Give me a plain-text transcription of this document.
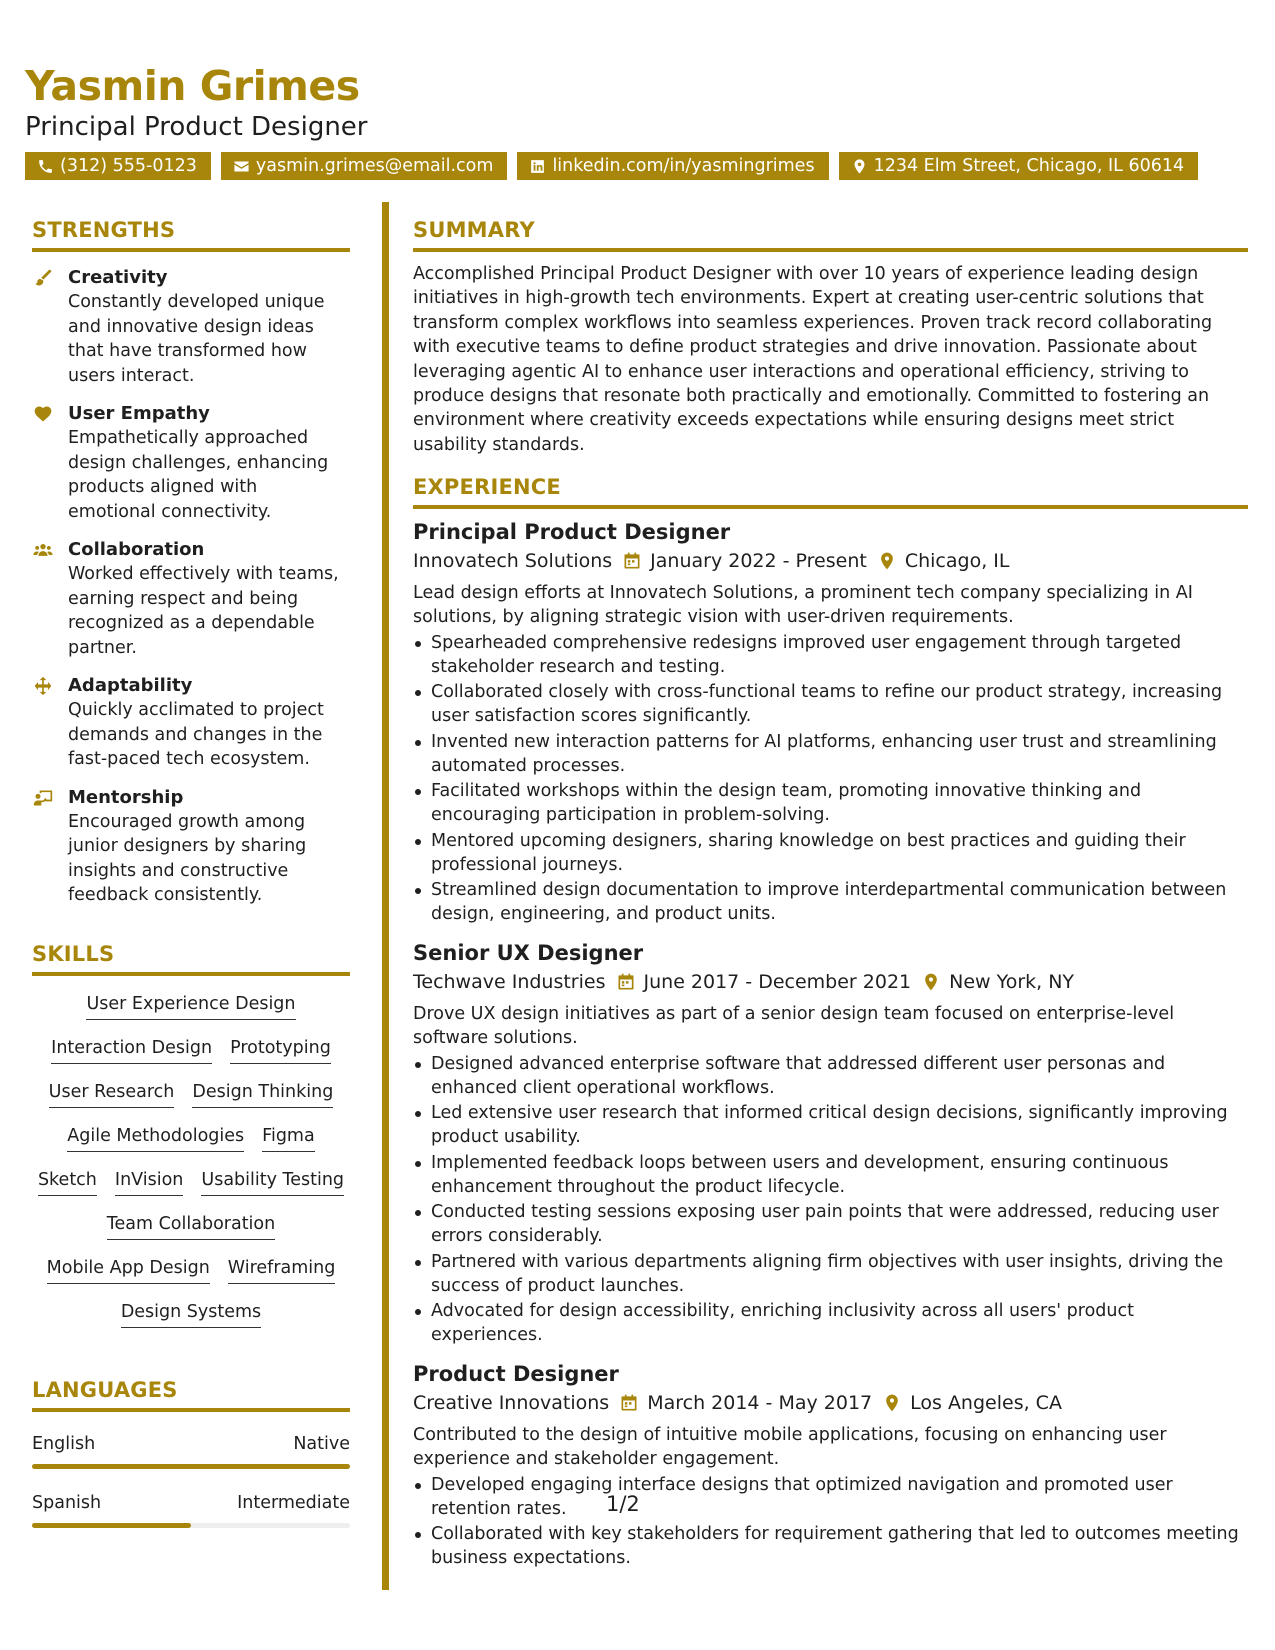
Yasmin Grimes
Principal Product Designer
(312) 555-0123	yasmin.grimes@email.com	linkedin.com/in/yasmingrimes	1234 Elm Street, Chicago, IL 60614
STRENGTHS
Creativity
Constantly developed unique and innovative design ideas that have transformed how users interact.
User Empathy
Empathetically approached design challenges, enhancing products aligned with emotional connectivity.
Collaboration
Worked effectively with teams, earning respect and being recognized as a dependable partner.
Adaptability
Quickly acclimated to project demands and changes in the fast-paced tech ecosystem.
Mentorship
Encouraged growth among junior designers by sharing insights and constructive feedback consistently.
SKILLS
User Experience Design
Interaction Design Prototyping
User Research Design Thinking
Agile Methodologies Figma
Sketch InVision Usability Testing
Team Collaboration
Mobile App Design Wireframing
Design Systems
LANGUAGES
English	Native
Spanish	Intermediate
SUMMARY
Accomplished Principal Product Designer with over 10 years of experience leading design initiatives in high-growth tech environments. Expert at creating user-centric solutions that transform complex workflows into seamless experiences. Proven track record collaborating with executive teams to define product strategies and drive innovation. Passionate about leveraging agentic AI to enhance user interactions and operational efficiency, striving to produce designs that resonate both practically and emotionally. Committed to fostering an environment where creativity exceeds expectations while ensuring designs meet strict usability standards.
EXPERIENCE
Principal Product Designer
Innovatech Solutions January 2022 - Present Chicago, IL
Lead design efforts at Innovatech Solutions, a prominent tech company specializing in AI solutions, by aligning strategic vision with user-driven requirements.
Spearheaded comprehensive redesigns improved user engagement through targeted stakeholder research and testing.
Collaborated closely with cross-functional teams to refine our product strategy, increasing user satisfaction scores significantly.
Invented new interaction patterns for AI platforms, enhancing user trust and streamlining automated processes.
Facilitated workshops within the design team, promoting innovative thinking and encouraging participation in problem-solving.
Mentored upcoming designers, sharing knowledge on best practices and guiding their professional journeys.
Streamlined design documentation to improve interdepartmental communication between design, engineering, and product units.
Senior UX Designer
Techwave Industries June 2017 - December 2021 New York, NY
Drove UX design initiatives as part of a senior design team focused on enterprise-level software solutions.
Designed advanced enterprise software that addressed different user personas and enhanced client operational workflows.
Led extensive user research that informed critical design decisions, significantly improving product usability.
Implemented feedback loops between users and development, ensuring continuous enhancement throughout the product lifecycle.
Conducted testing sessions exposing user pain points that were addressed, reducing user errors considerably.
Partnered with various departments aligning firm objectives with user insights, driving the success of product launches.
Advocated for design accessibility, enriching inclusivity across all users' product experiences.
Product Designer
Creative Innovations March 2014 - May 2017 Los Angeles, CA
Contributed to the design of intuitive mobile applications, focusing on enhancing user experience and stakeholder engagement.
Developed engaging interface designs that optimized navigation and promoted user retention rates.
Collaborated with key stakeholders for requirement gathering that led to outcomes meeting business expectations.
1/2
